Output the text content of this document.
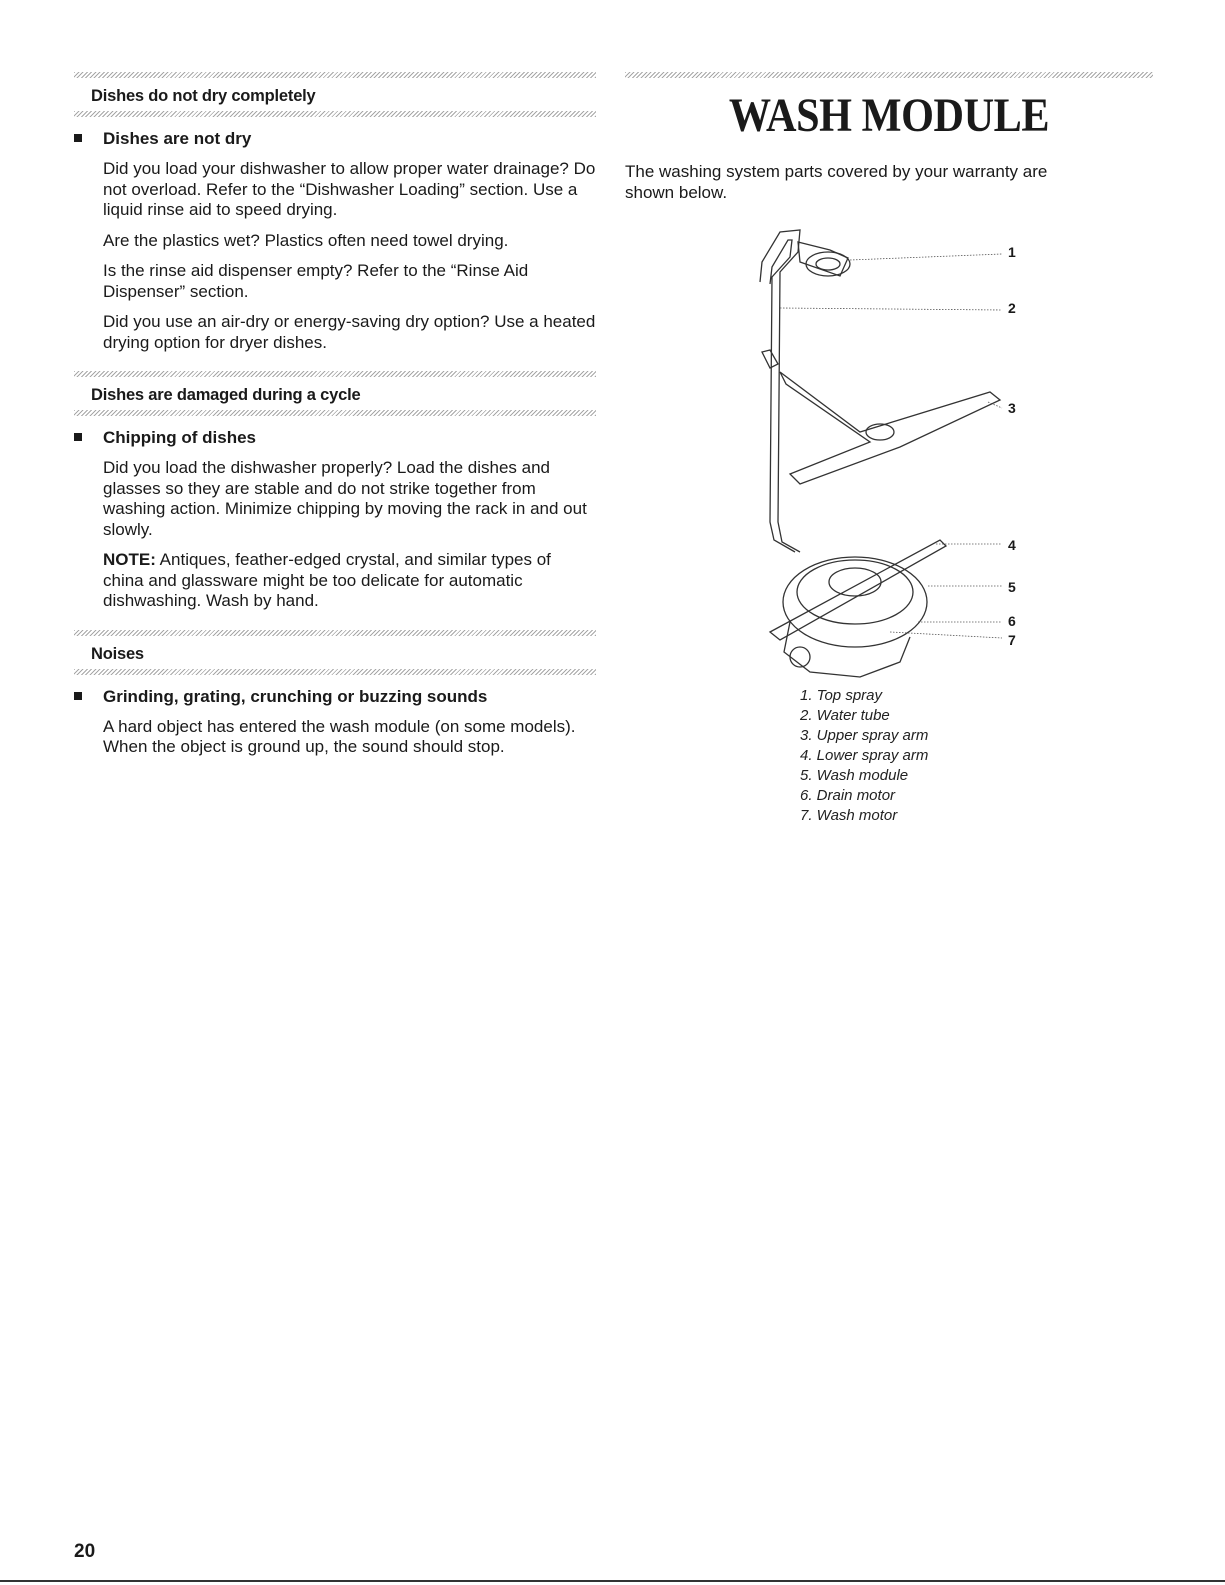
Dishes do not dry completely
Dishes are not dry

Did you load your dishwasher to allow proper water drainage? Do not overload. Refer to the “Dishwasher Loading” section. Use a liquid rinse aid to speed drying.

Are the plastics wet? Plastics often need towel drying.

Is the rinse aid dispenser empty? Refer to the “Rinse Aid Dispenser” section.

Did you use an air-dry or energy-saving dry option? Use a heated drying option for dryer dishes.

Dishes are damaged during a cycle
Chipping of dishes

Did you load the dishwasher properly? Load the dishes and glasses so they are stable and do not strike together from washing action. Minimize chipping by moving the rack in and out slowly.

NOTE: Antiques, feather-edged crystal, and similar types of china and glassware might be too delicate for automatic dishwashing. Wash by hand.

Noises
Grinding, grating, crunching or buzzing sounds

A hard object has entered the wash module (on some models). When the object is ground up, the sound should stop.

WASH MODULE

The washing system parts covered by your warranty are shown below.

1
2
3
4
5
6
7
1. Top spray
2. Water tube
3. Upper spray arm
4. Lower spray arm
5. Wash module
6. Drain motor
7. Wash motor
20
